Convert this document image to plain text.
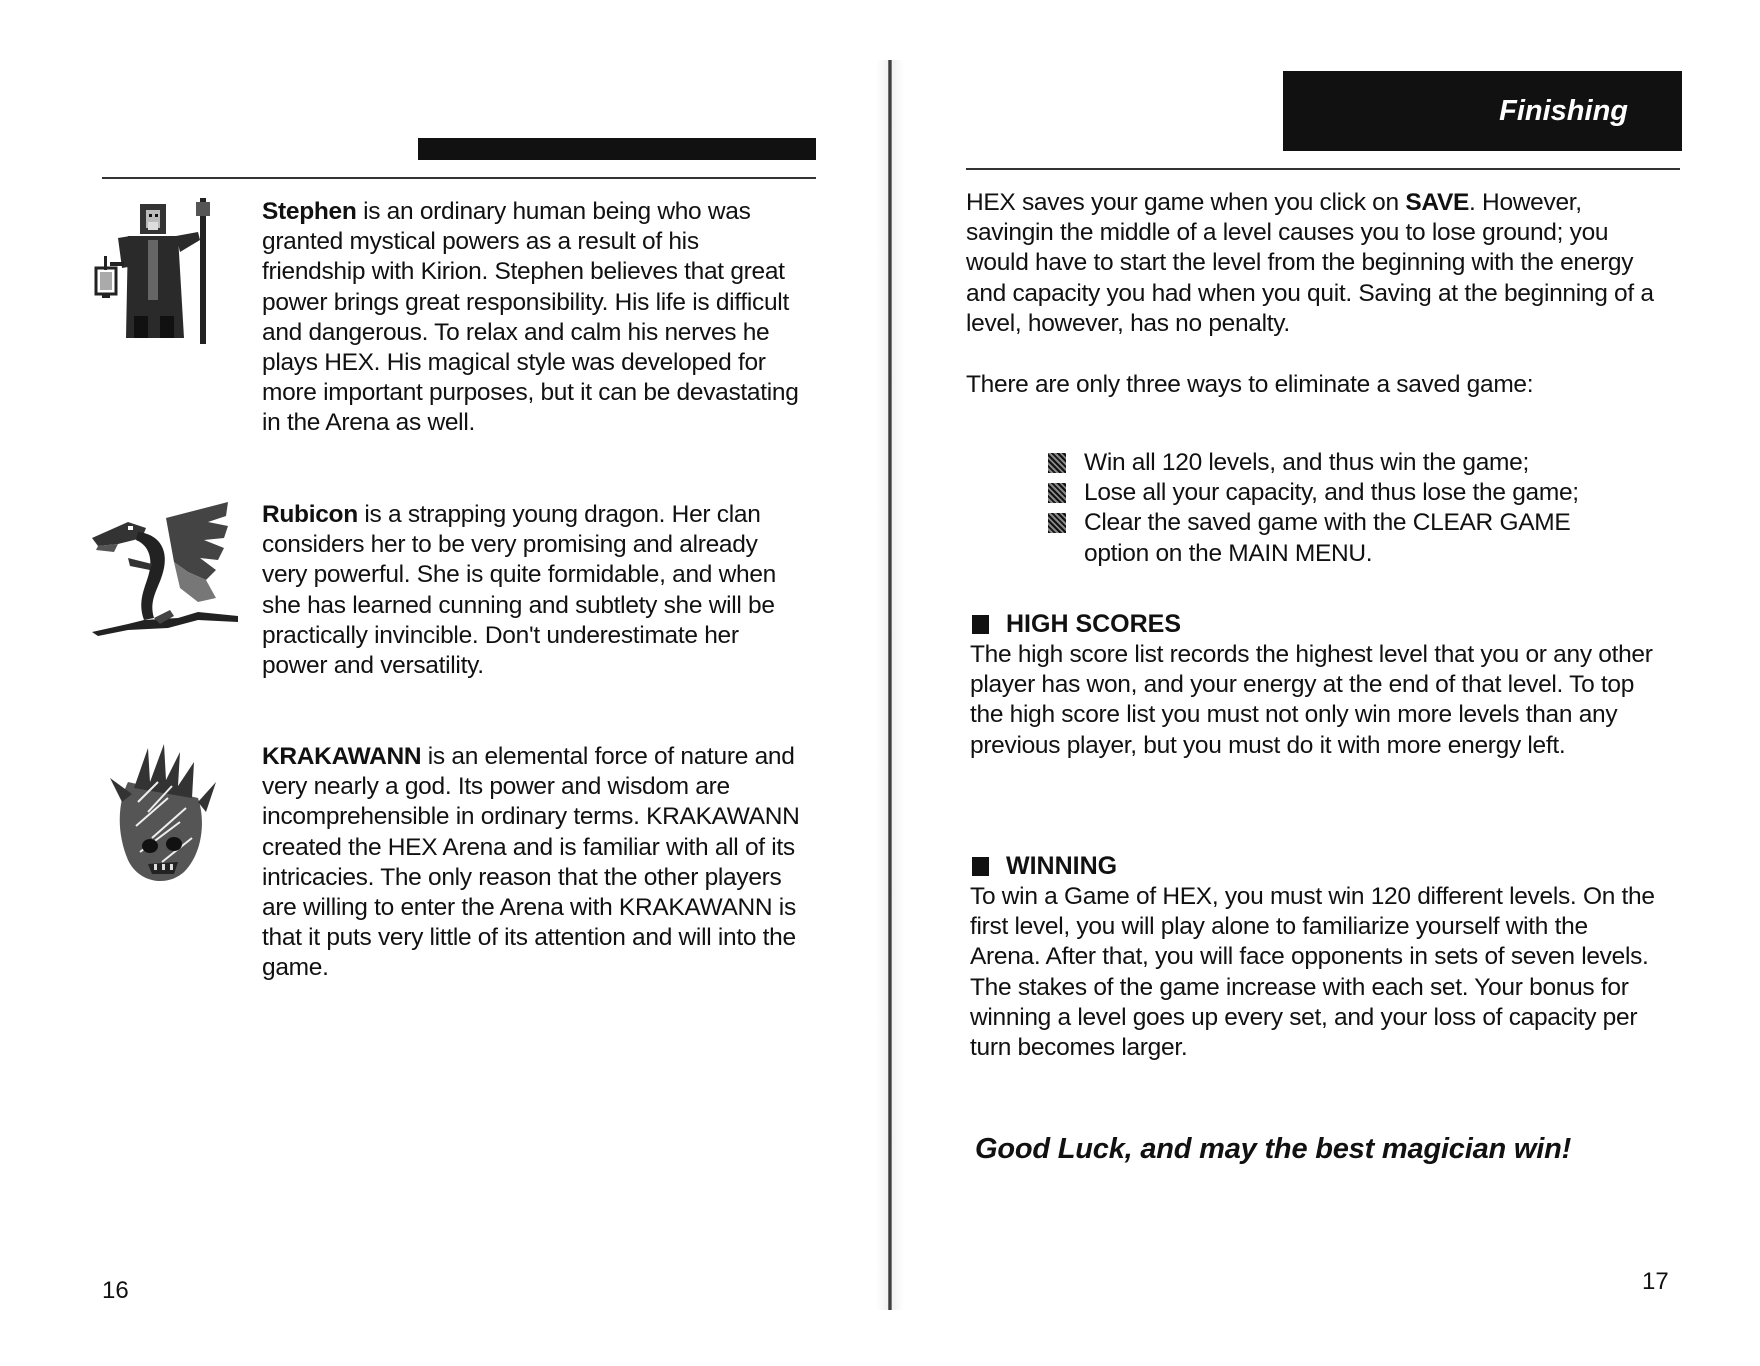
Stephen is an ordinary human being who was granted mystical powers as a result of his friendship with Kirion. Stephen believes that great power brings great responsibility. His life is difficult and dangerous. To relax and calm his nerves he plays HEX. His magical style was developed for more important purposes, but it can be devastating in the Arena as well.
Rubicon is a strapping young dragon. Her clan considers her to be very promising and already very powerful. She is quite formidable, and when she has learned cunning and subtlety she will be practically invincible. Don't underestimate her power and versatility.
KRAKAWANN is an elemental force of nature and very nearly a god. Its power and wisdom are incomprehensible in ordinary terms. KRAKAWANN created the HEX Arena and is familiar with all of its intricacies. The only reason that the other players are willing to enter the Arena with KRAKAWANN is that it puts very little of its attention and will into the game.
16
Finishing
HEX saves your game when you click on SAVE. However, savingin the middle of a level causes you to lose ground; you would have to start the level from the beginning with the energy and capacity you had when you quit. Saving at the beginning of a level, however, has no penalty.
There are only three ways to eliminate a saved game:
Win all 120 levels, and thus win the game;
Lose all your capacity, and thus lose the game;
Clear the saved game with the CLEAR GAME option on the MAIN MENU.
HIGH SCORES
The high score list records the highest level that you or any other player has won, and your energy at the end of that level. To top the high score list you must not only win more levels than any previous player, but you must do it with more energy left.
WINNING
To win a Game of HEX, you must win 120 different levels. On the first level, you will play alone to familiarize yourself with the Arena. After that, you will face opponents in sets of seven levels. The stakes of the game increase with each set. Your bonus for winning a level goes up every set, and your loss of capacity per turn becomes larger.
Good Luck, and may the best magician win!
17
